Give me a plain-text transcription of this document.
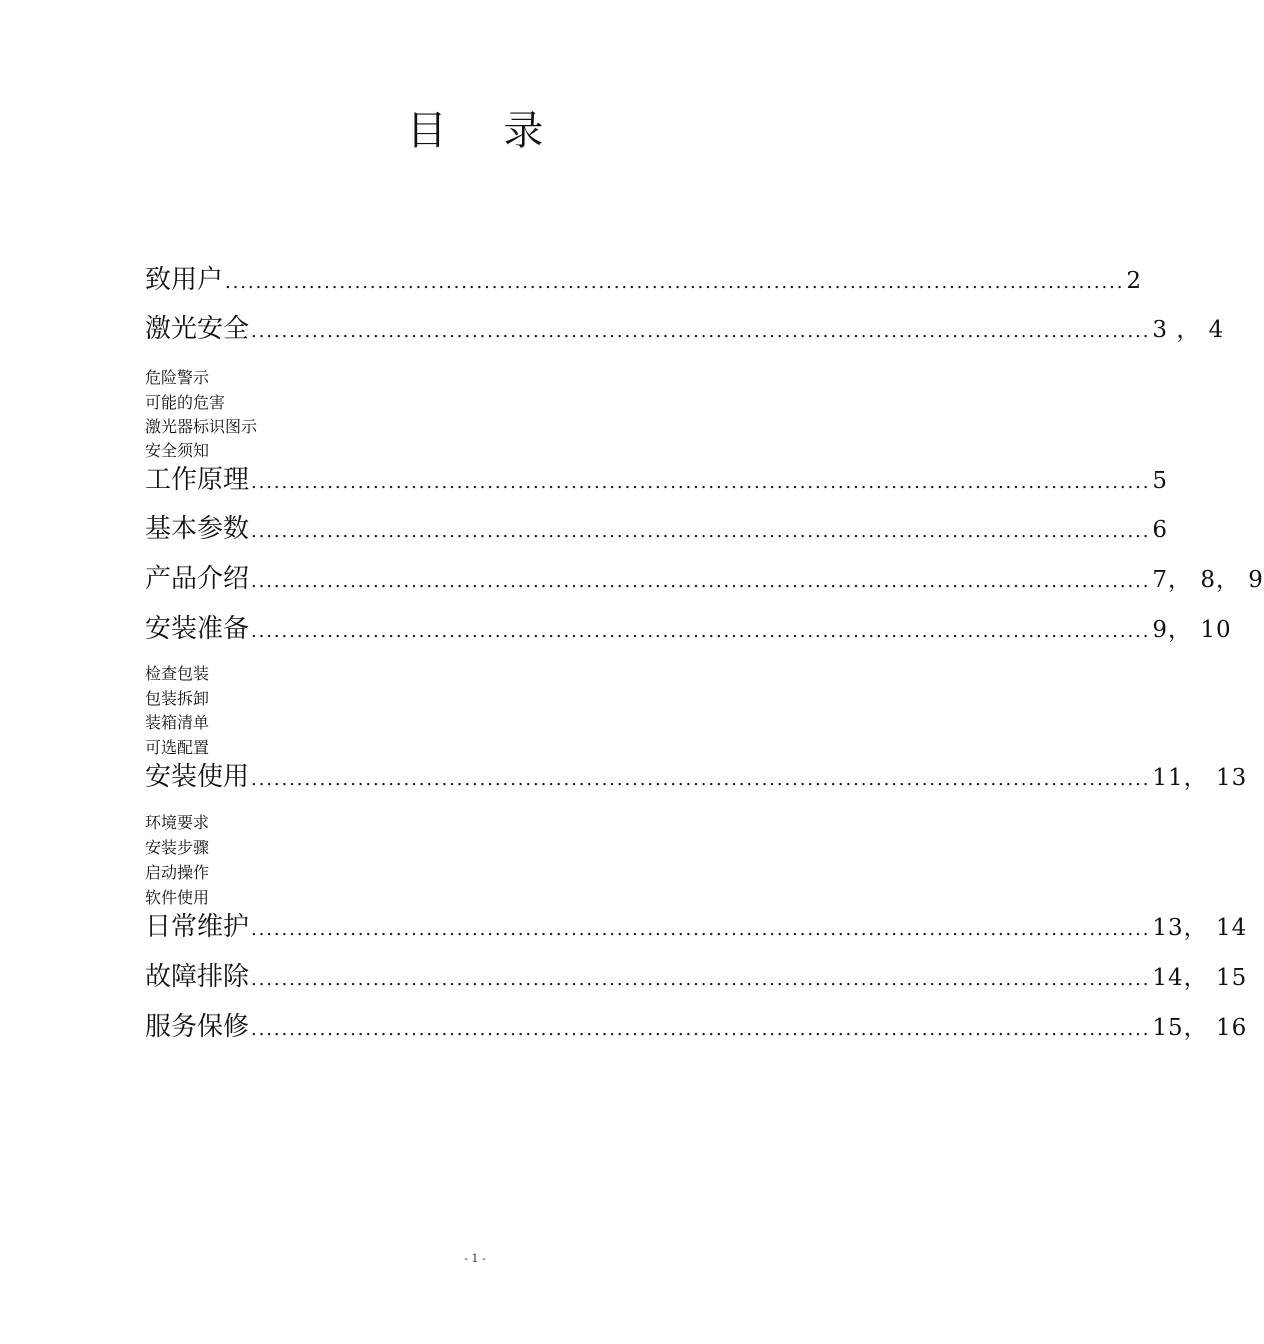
目 录
致用户 ...................................................................................................................... 2
激光安全 ...................................................................................................................... 3 ， 4
危险警示
可能的危害
激光器标识图示
安全须知
工作原理 ...................................................................................................................... 5
基本参数 ...................................................................................................................... 6
产品介绍 ...................................................................................................................... 7， 8， 9
安装准备 ...................................................................................................................... 9， 10
检查包装
包装拆卸
装箱清单
可选配置
安装使用 ...................................................................................................................... 11， 13
环境要求
安装步骤
启动操作
软件使用
日常维护 ...................................................................................................................... 13， 14
故障排除 ...................................................................................................................... 14， 15
服务保修 ...................................................................................................................... 15， 16
- 1 -
